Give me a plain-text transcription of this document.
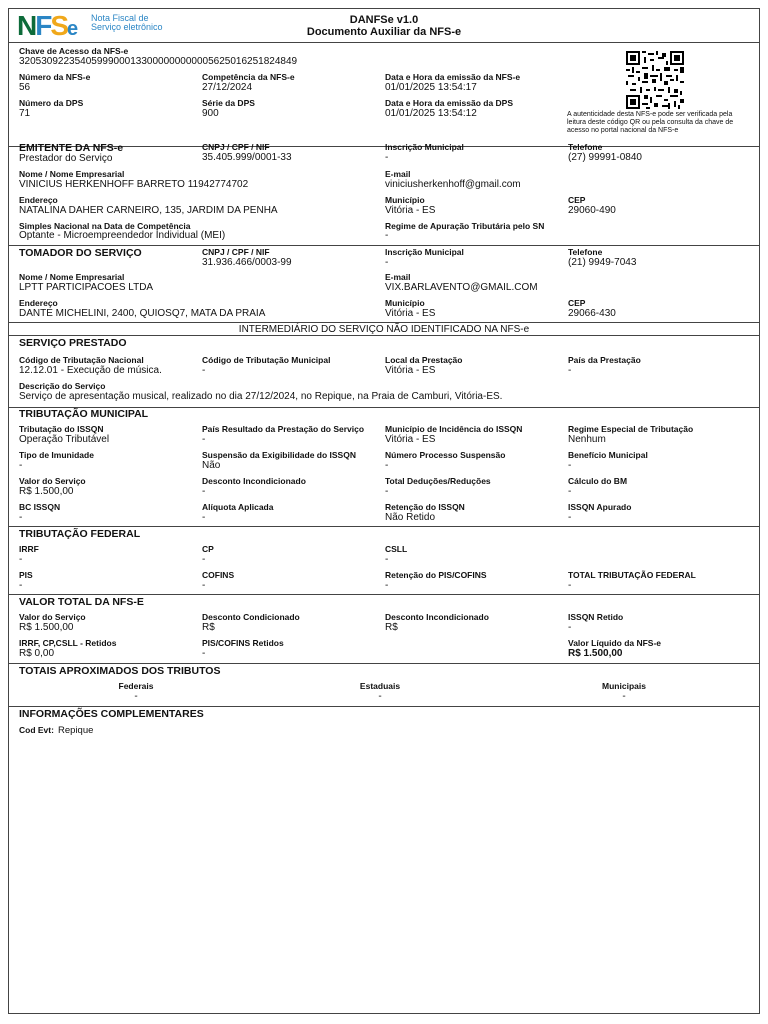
NFSe Nota Fiscal de
Serviço eletrônico
DANFSe v1.0
Documento Auxiliar da NFS-e
Chave de Acesso da NFS-e
32053092235405999000133000000000005625016251824849
Número da NFS-e
56
Competência da NFS-e
27/12/2024
Data e Hora da emissão da NFS-e
01/01/2025 13:54:17
Número da DPS
71
Série da DPS
900
Data e Hora da emissão da DPS
01/01/2025 13:54:12	A autenticidade desta NFS-e pode ser verificada pela leitura deste código QR ou pela consulta da chave de acesso no portal nacional da NFS-e
EMITENTE DA NFS-e
Prestador do Serviço
CNPJ / CPF / NIF
35.405.999/0001-33
Inscrição Municipal
-
Telefone
(27) 99991-0840
Nome / Nome Empresarial
VINICIUS HERKENHOFF BARRETO 11942774702
E-mail
viniciusherkenhoff@gmail.com
Endereço
NATALINA DAHER CARNEIRO, 135, JARDIM DA PENHA
Município
Vitória - ES
CEP
29060-490
Simples Nacional na Data de Competência
Optante - Microempreendedor Individual (MEI)
Regime de Apuração Tributária pelo SN
-
TOMADOR DO SERVIÇO	CNPJ / CPF / NIF
31.936.466/0003-99
Inscrição Municipal
-
Telefone
(21) 9949-7043
Nome / Nome Empresarial
LPTT PARTICIPACOES LTDA
E-mail
VIX.BARLAVENTO@GMAIL.COM
Endereço
DANTE MICHELINI, 2400, QUIOSQ7, MATA DA PRAIA
Município
Vitória - ES
CEP
29066-430
INTERMEDIÁRIO DO SERVIÇO NÃO IDENTIFICADO NA NFS-e
SERVIÇO PRESTADO
Código de Tributação Nacional
12.12.01 - Execução de música.
Código de Tributação Municipal
-
Local da Prestação
Vitória - ES
País da Prestação
-
Descrição do Serviço
Serviço de apresentação musical, realizado no dia 27/12/2024, no Repique, na Praia de Camburi, Vitória-ES.
TRIBUTAÇÃO MUNICIPAL
Tributação do ISSQN
Operação Tributável
País Resultado da Prestação do Serviço
-
Município de Incidência do ISSQN
Vitória - ES
Regime Especial de Tributação
Nenhum
Tipo de Imunidade
-
Suspensão da Exigibilidade do ISSQN
Não
Número Processo Suspensão
-
Benefício Municipal
-
Valor do Serviço
R$ 1.500,00
Desconto Incondicionado
-
Total Deduções/Reduções
-
Cálculo do BM
-
BC ISSQN
-
Alíquota Aplicada
-
Retenção do ISSQN
Não Retido
ISSQN Apurado
-
TRIBUTAÇÃO FEDERAL
IRRF
-
CP
-
CSLL
-
PIS
-
COFINS
-
Retenção do PIS/COFINS
-
TOTAL TRIBUTAÇÃO FEDERAL
-
VALOR TOTAL DA NFS-E
Valor do Serviço
R$ 1.500,00
Desconto Condicionado
R$
Desconto Incondicionado
R$
ISSQN Retido
-
IRRF, CP,CSLL - Retidos
R$ 0,00
PIS/COFINS Retidos
-
Valor Líquido da NFS-e
R$ 1.500,00
TOTAIS APROXIMADOS DOS TRIBUTOS
Federais
-
Estaduais
-
Municipais
-
INFORMAÇÕES COMPLEMENTARES
Cod Evt: Repique
